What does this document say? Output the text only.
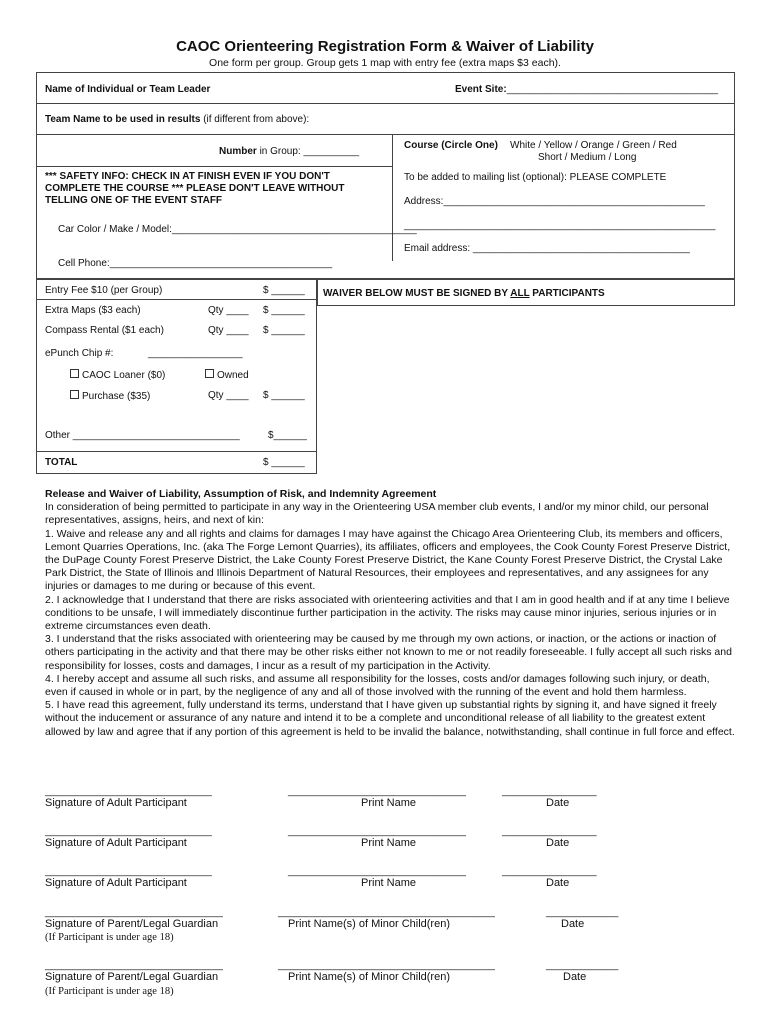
CAOC Orienteering Registration Form & Waiver of Liability
One form per group. Group gets 1 map with entry fee (extra maps $3 each).
Name of Individual or Team Leader	Event Site:______________________________________
Team Name to be used in results (if different from above):
Number in Group: __________
Course (Circle One) White / Yellow / Orange / Green / Red
Short / Medium / Long
*** SAFETY INFO: CHECK IN AT FINISH EVEN IF YOU DON'T
COMPLETE THE COURSE *** PLEASE DON'T LEAVE WITHOUT
TELLING ONE OF THE EVENT STAFF
To be added to mailing list (optional): PLEASE COMPLETE
Address:_______________________________________________
________________________________________________________
Email address: _______________________________________
Car Color / Make / Model:____________________________________________
Cell Phone:________________________________________
Entry Fee $10 (per Group)	$ ______
Extra Maps ($3 each)	Qty ____ $ ______
Compass Rental ($1 each)	Qty ____ $ ______
ePunch Chip #:	_________________
CAOC Loaner ($0)	Owned
Purchase ($35)	Qty ____ $ ______
Other ______________________________	$______
TOTAL	$ ______
WAIVER BELOW MUST BE SIGNED BY ALL PARTICIPANTS

Release and Waiver of Liability, Assumption of Risk, and Indemnity Agreement

In consideration of being permitted to participate in any way in the Orienteering USA member club events, I and/or my minor child, our personal representatives, assigns, heirs, and next of kin:

1. Waive and release any and all rights and claims for damages I may have against the Chicago Area Orienteering Club, its members and officers, Lemont Quarries Operations, Inc. (aka The Forge Lemont Quarries), its affiliates, officers and employees, the Cook County Forest Preserve District, the DuPage County Forest Preserve District, the Lake County Forest Preserve District, the Kane County Forest Preserve District, the Crystal Lake Park District, the State of Illinois and Illinois Department of Natural Resources, their employees and representatives, and any assignees for any injuries or damages to me during or because of this event.

2. I acknowledge that I understand that there are risks associated with orienteering activities and that I am in good health and if at any time I believe conditions to be unsafe, I will immediately discontinue further participation in the activity. The risks may cause minor injuries, serious injuries or in extreme circumstances even death.

3. I understand that the risks associated with orienteering may be caused by me through my own actions, or inaction, or the actions or inaction of others participating in the activity and that there may be other risks either not known to me or not readily foreseeable. I fully accept all such risks and responsibility for losses, costs and damages, I incur as a result of my participation in the Activity.

4. I hereby accept and assume all such risks, and assume all responsibility for the losses, costs and/or damages following such injury, or death, even if caused in whole or in part, by the negligence of any and all of those involved with the running of the event and hold them harmless.

5. I have read this agreement, fully understand its terms, understand that I have given up substantial rights by signing it, and have signed it freely without the inducement or assurance of any nature and intend it to be a complete and unconditional release of all liability to the greatest extent allowed by law and agree that if any portion of this agreement is held to be invalid the balance, notwithstanding, shall continue in full force and effect.

______________________________	________________________________	_________________
Signature of Adult Participant	Print Name	Date
______________________________	________________________________	_________________
Signature of Adult Participant	Print Name	Date
______________________________	________________________________	_________________
Signature of Adult Participant	Print Name	Date
________________________________	_______________________________________	_____________
Signature of Parent/Legal Guardian	Print Name(s) of Minor Child(ren)	Date
(If Participant is under age 18)
________________________________	_______________________________________	_____________
Signature of Parent/Legal Guardian	Print Name(s) of Minor Child(ren)	Date
(If Participant is under age 18)
